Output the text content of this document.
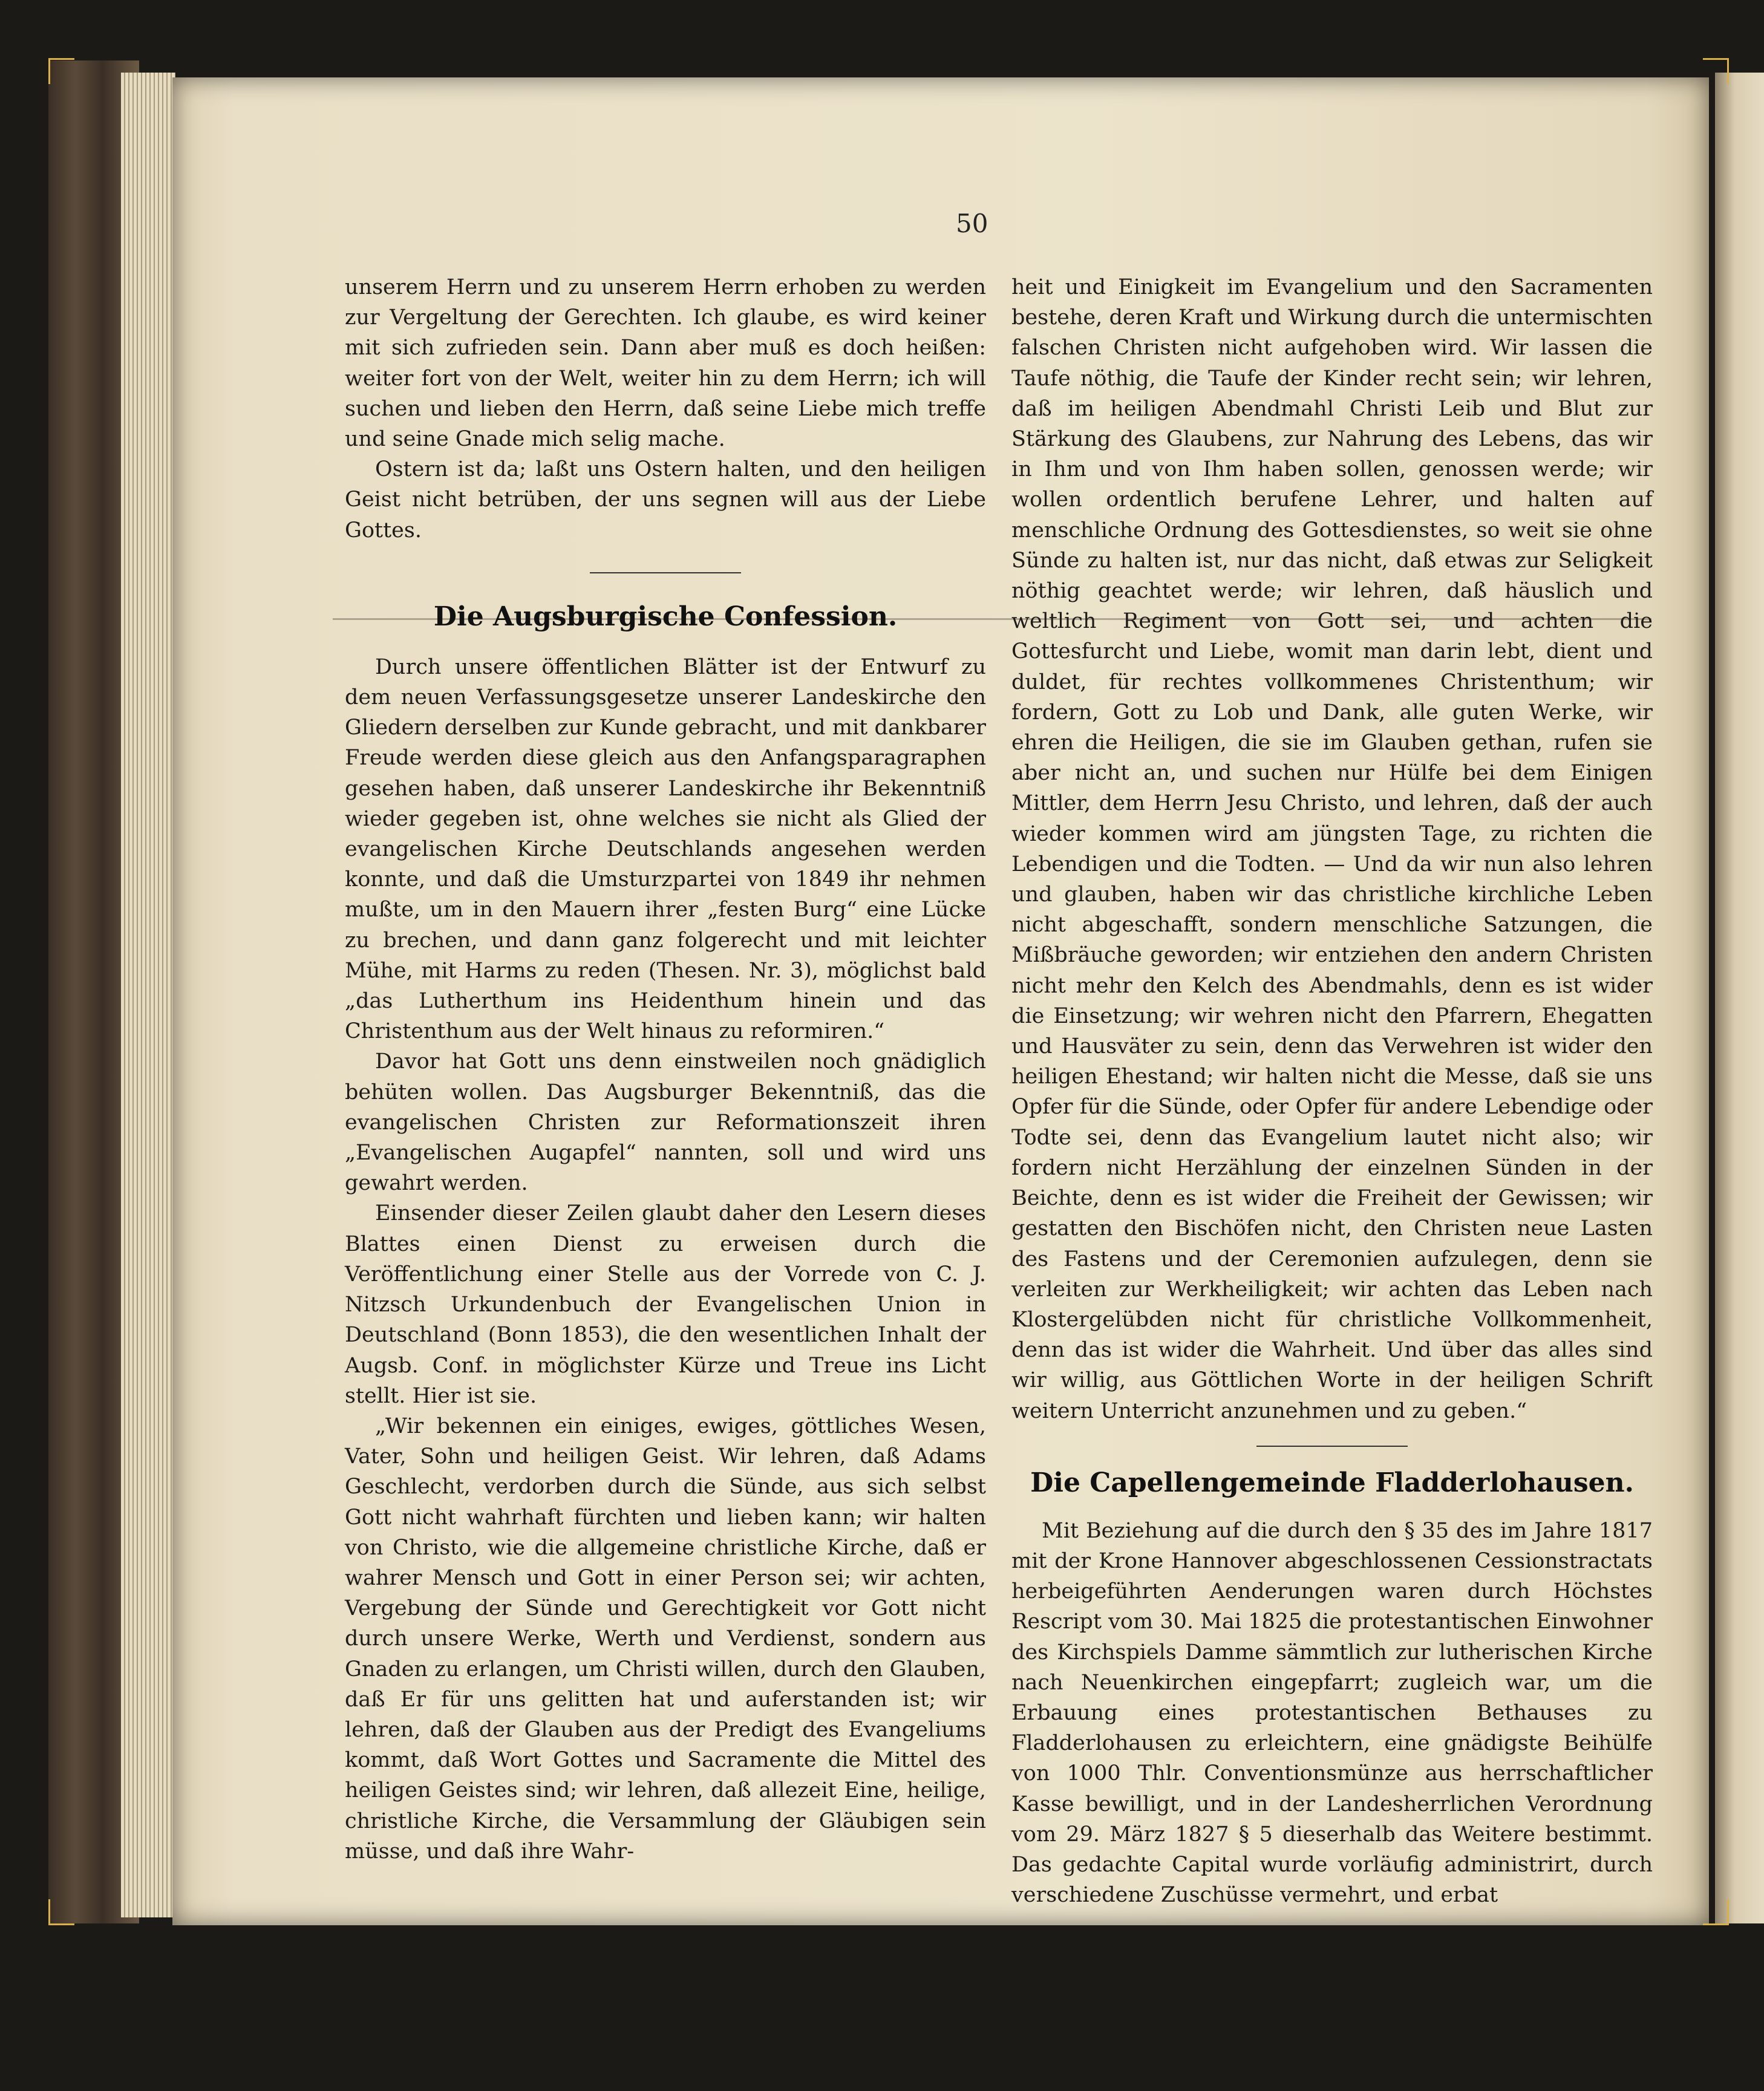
50

unserem Herrn und zu unserem Herrn erhoben zu werden zur Vergeltung der Gerechten. Ich glaube, es wird keiner mit sich zufrieden sein. Dann aber muß es doch heißen: weiter fort von der Welt, weiter hin zu dem Herrn; ich will suchen und lieben den Herrn, daß seine Liebe mich treffe und seine Gnade mich selig mache.

Ostern ist da; laßt uns Ostern halten, und den heiligen Geist nicht betrüben, der uns segnen will aus der Liebe Gottes.

Die Augsburgische Confession.

Durch unsere öffentlichen Blätter ist der Entwurf zu dem neuen Verfassungsgesetze unserer Landeskirche den Gliedern derselben zur Kunde gebracht, und mit dankbarer Freude werden diese gleich aus den Anfangsparagraphen gesehen haben, daß unserer Landeskirche ihr Bekenntniß wieder gegeben ist, ohne welches sie nicht als Glied der evangelischen Kirche Deutschlands angesehen werden konnte, und daß die Umsturzpartei von 1849 ihr nehmen mußte, um in den Mauern ihrer „festen Burg“ eine Lücke zu brechen, und dann ganz folgerecht und mit leichter Mühe, mit Harms zu reden (Thesen. Nr. 3), möglichst bald „das Lutherthum ins Heidenthum hinein und das Christenthum aus der Welt hinaus zu reformiren.“

Davor hat Gott uns denn einstweilen noch gnädiglich behüten wollen. Das Augsburger Bekenntniß, das die evangelischen Christen zur Reformationszeit ihren „Evangelischen Augapfel“ nannten, soll und wird uns gewahrt werden.

Einsender dieser Zeilen glaubt daher den Lesern dieses Blattes einen Dienst zu erweisen durch die Veröffentlichung einer Stelle aus der Vorrede von C. J. Nitzsch Urkundenbuch der Evangelischen Union in Deutschland (Bonn 1853), die den wesentlichen Inhalt der Augsb. Conf. in möglichster Kürze und Treue ins Licht stellt. Hier ist sie.

„Wir bekennen ein einiges, ewiges, göttliches Wesen, Vater, Sohn und heiligen Geist. Wir lehren, daß Adams Geschlecht, verdorben durch die Sünde, aus sich selbst Gott nicht wahrhaft fürchten und lieben kann; wir halten von Christo, wie die allgemeine christliche Kirche, daß er wahrer Mensch und Gott in einer Person sei; wir achten, Vergebung der Sünde und Gerechtigkeit vor Gott nicht durch unsere Werke, Werth und Verdienst, sondern aus Gnaden zu erlangen, um Christi willen, durch den Glauben, daß Er für uns gelitten hat und auferstanden ist; wir lehren, daß der Glauben aus der Predigt des Evangeliums kommt, daß Wort Gottes und Sacramente die Mittel des heiligen Geistes sind; wir lehren, daß allezeit Eine, heilige, christliche Kirche, die Versammlung der Gläubigen sein müsse, und daß ihre Wahr-

heit und Einigkeit im Evangelium und den Sacramenten bestehe, deren Kraft und Wirkung durch die untermischten falschen Christen nicht aufgehoben wird. Wir lassen die Taufe nöthig, die Taufe der Kinder recht sein; wir lehren, daß im heiligen Abendmahl Christi Leib und Blut zur Stärkung des Glaubens, zur Nahrung des Lebens, das wir in Ihm und von Ihm haben sollen, genossen werde; wir wollen ordentlich berufene Lehrer, und halten auf menschliche Ordnung des Gottesdienstes, so weit sie ohne Sünde zu halten ist, nur das nicht, daß etwas zur Seligkeit nöthig geachtet werde; wir lehren, daß häuslich und weltlich Regiment von Gott sei, und achten die Gottesfurcht und Liebe, womit man darin lebt, dient und duldet, für rechtes vollkommenes Christenthum; wir fordern, Gott zu Lob und Dank, alle guten Werke, wir ehren die Heiligen, die sie im Glauben gethan, rufen sie aber nicht an, und suchen nur Hülfe bei dem Einigen Mittler, dem Herrn Jesu Christo, und lehren, daß der auch wieder kommen wird am jüngsten Tage, zu richten die Lebendigen und die Todten. — Und da wir nun also lehren und glauben, haben wir das christliche kirchliche Leben nicht abgeschafft, sondern menschliche Satzungen, die Mißbräuche geworden; wir entziehen den andern Christen nicht mehr den Kelch des Abendmahls, denn es ist wider die Einsetzung; wir wehren nicht den Pfarrern, Ehegatten und Hausväter zu sein, denn das Verwehren ist wider den heiligen Ehestand; wir halten nicht die Messe, daß sie uns Opfer für die Sünde, oder Opfer für andere Lebendige oder Todte sei, denn das Evangelium lautet nicht also; wir fordern nicht Herzählung der einzelnen Sünden in der Beichte, denn es ist wider die Freiheit der Gewissen; wir gestatten den Bischöfen nicht, den Christen neue Lasten des Fastens und der Ceremonien aufzulegen, denn sie verleiten zur Werkheiligkeit; wir achten das Leben nach Klostergelübden nicht für christliche Vollkommenheit, denn das ist wider die Wahrheit. Und über das alles sind wir willig, aus Göttlichen Worte in der heiligen Schrift weitern Unterricht anzunehmen und zu geben.“

Die Capellengemeinde Fladderlohausen.

Mit Beziehung auf die durch den § 35 des im Jahre 1817 mit der Krone Hannover abgeschlossenen Cessionstractats herbeigeführten Aenderungen waren durch Höchstes Rescript vom 30. Mai 1825 die protestantischen Einwohner des Kirchspiels Damme sämmtlich zur lutherischen Kirche nach Neuenkirchen eingepfarrt; zugleich war, um die Erbauung eines protestantischen Bethauses zu Fladderlohausen zu erleichtern, eine gnädigste Beihülfe von 1000 Thlr. Conventionsmünze aus herrschaftlicher Kasse bewilligt, und in der Landesherrlichen Verordnung vom 29. März 1827 § 5 dieserhalb das Weitere bestimmt. Das gedachte Capital wurde vorläufig administrirt, durch verschiedene Zuschüsse vermehrt, und erbat
